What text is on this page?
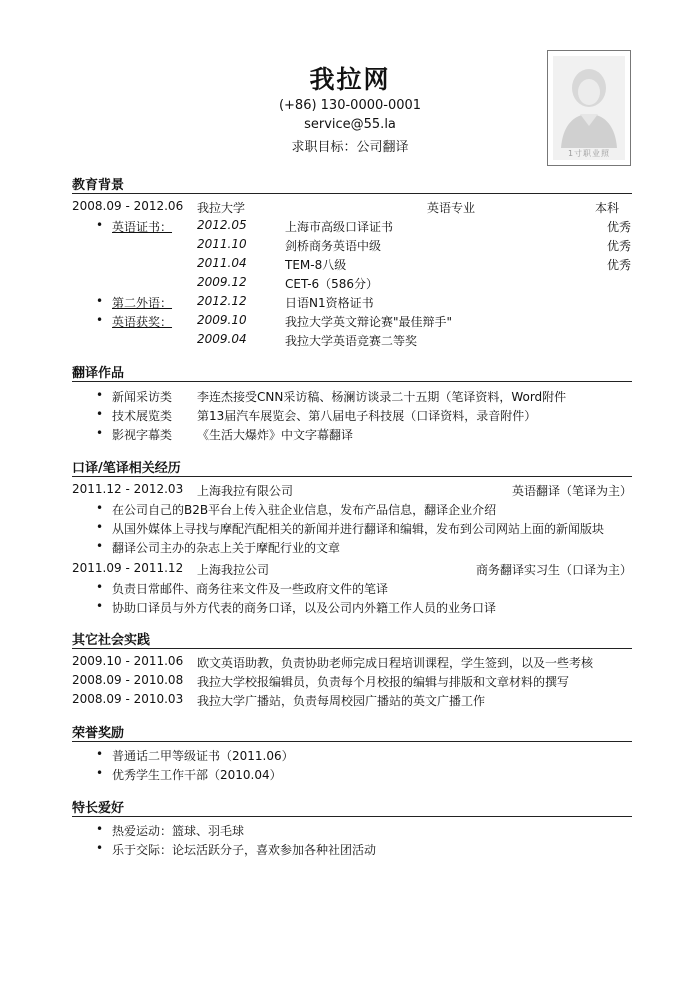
我拉网
(+86) 130-0000-0001
service@55.la
求职目标：公司翻译	1寸职业照
教育背景
2008.09 - 2012.06 我拉大学	英语专业	本科
• 英语证书： 2012.05	上海市高级口译证书	优秀
2011.10	剑桥商务英语中级	优秀
2011.04	TEM-8八级	优秀
2009.12	CET-6（586分）
• 第二外语： 2012.12	日语N1资格证书
• 英语获奖： 2009.10	我拉大学英文辩论赛"最佳辩手"
2009.04	我拉大学英语竞赛二等奖
翻译作品
• 新闻采访类 李连杰接受CNN采访稿、杨澜访谈录二十五期（笔译资料，Word附件
• 技术展览类 第13届汽车展览会、第八届电子科技展（口译资料，录音附件）
• 影视字幕类 《生活大爆炸》中文字幕翻译
口译/笔译相关经历
2011.12 - 2012.03 上海我拉有限公司	英语翻译（笔译为主）
• 在公司自己的B2B平台上传入驻企业信息，发布产品信息，翻译企业介绍
• 从国外媒体上寻找与摩配汽配相关的新闻并进行翻译和编辑，发布到公司网站上面的新闻版块
• 翻译公司主办的杂志上关于摩配行业的文章
2011.09 - 2011.12 上海我拉公司	商务翻译实习生（口译为主）
• 负责日常邮件、商务往来文件及一些政府文件的笔译
• 协助口译员与外方代表的商务口译，以及公司内外籍工作人员的业务口译
其它社会实践
2009.10 - 2011.06 欧文英语助教，负责协助老师完成日程培训课程，学生签到，以及一些考核
2008.09 - 2010.08 我拉大学校报编辑员，负责每个月校报的编辑与排版和文章材料的撰写
2008.09 - 2010.03 我拉大学广播站，负责每周校园广播站的英文广播工作
荣誉奖励
• 普通话二甲等级证书（2011.06）
• 优秀学生工作干部（2010.04）
特长爱好
• 热爱运动：篮球、羽毛球
• 乐于交际：论坛活跃分子，喜欢参加各种社团活动
